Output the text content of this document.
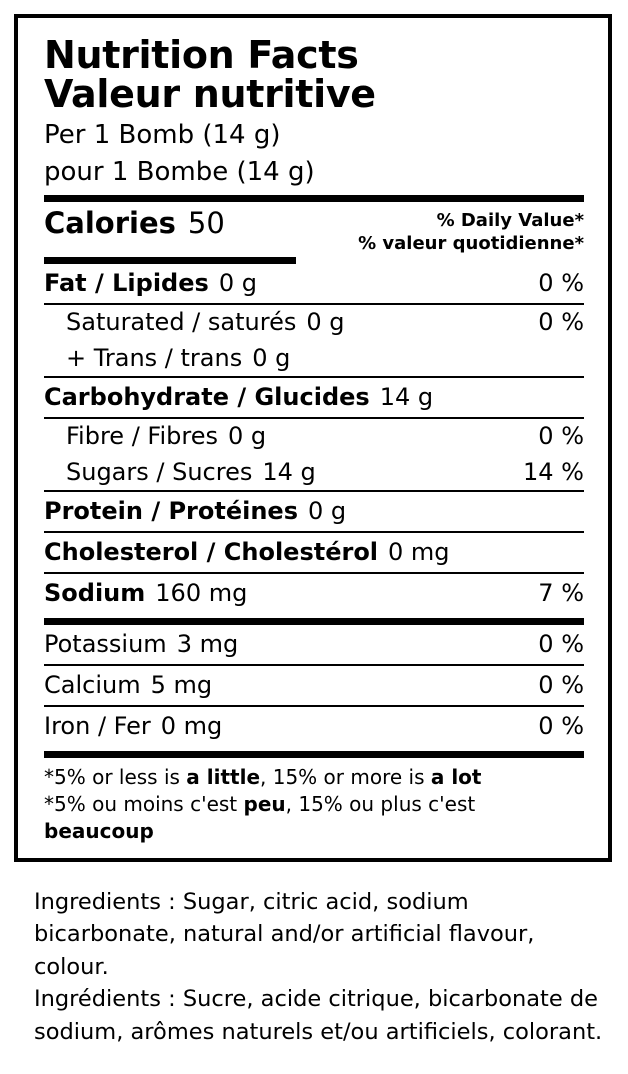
Nutrition Facts
Valeur nutritive
Per 1 Bomb (14 g)
pour 1 Bombe (14 g)
Calories 50	% Daily Value*
% valeur quotidienne*
Fat / Lipides 0 g	0 %
Saturated / saturés 0 g	0 %
+ Trans / trans 0 g
Carbohydrate / Glucides 14 g
Fibre / Fibres 0 g	0 %
Sugars / Sucres 14 g	14 %
Protein / Protéines 0 g
Cholesterol / Cholestérol 0 mg
Sodium 160 mg	7 %
Potassium 3 mg	0 %
Calcium 5 mg	0 %
Iron / Fer 0 mg	0 %
*5% or less is a little, 15% or more is a lot
*5% ou moins c'est peu, 15% ou plus c'est beaucoup

Ingredients : Sugar, citric acid, sodium bicarbonate, natural and/or artificial flavour, colour.

Ingrédients : Sucre, acide citrique, bicarbonate de sodium, arômes naturels et/ou artificiels, colorant.
